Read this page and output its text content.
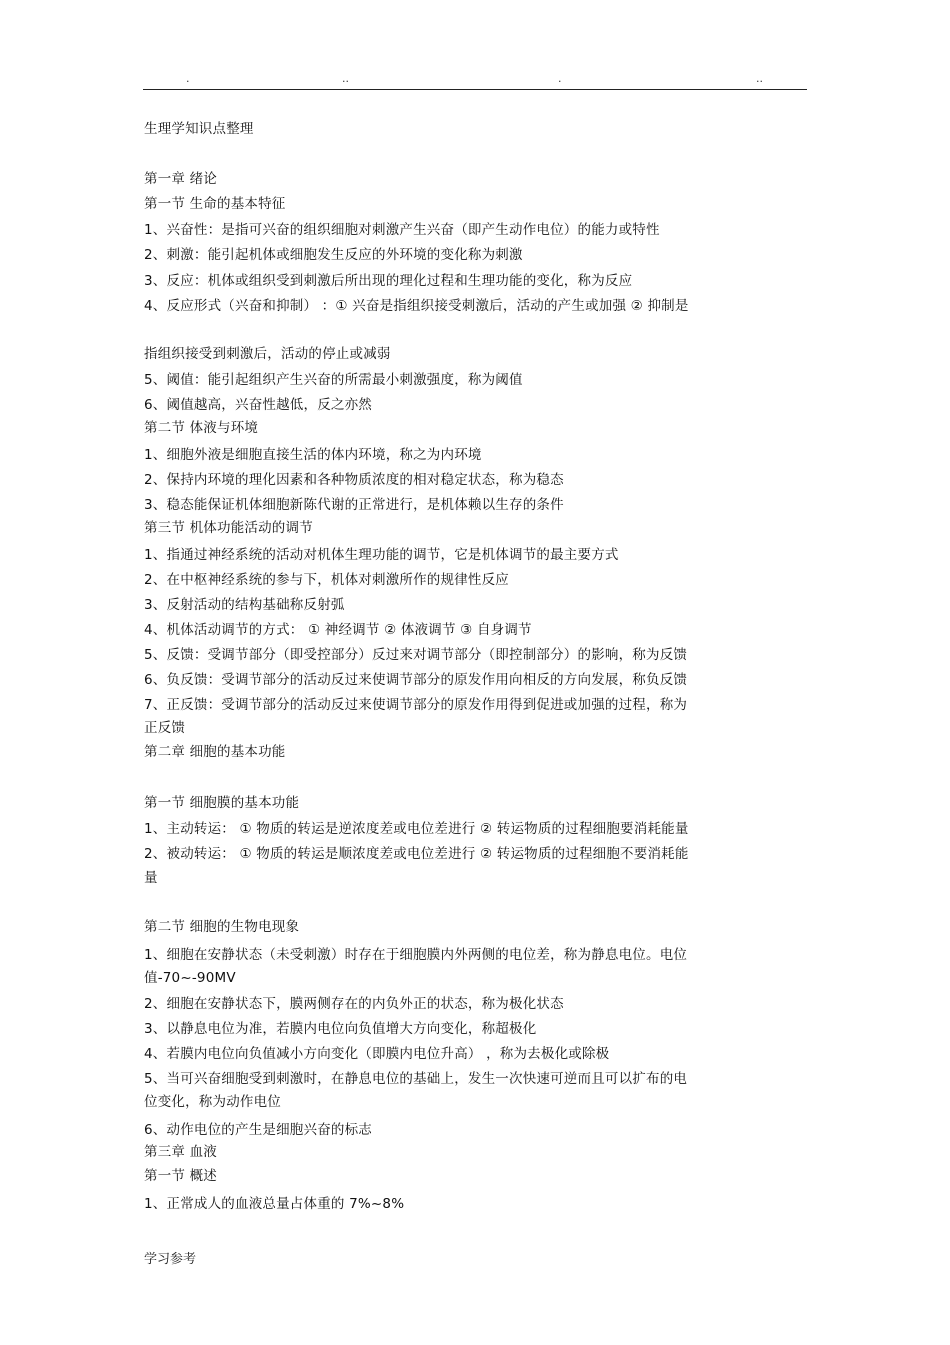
.	..	.	..
生理学知识点整理
第一章 绪论
第一节 生命的基本特征
1、兴奋性：是指可兴奋的组织细胞对刺激产生兴奋（即产生动作电位）的能力或特性
2、刺激：能引起机体或细胞发生反应的外环境的变化称为刺激
3、反应：机体或组织受到刺激后所出现的理化过程和生理功能的变化，称为反应
4、反应形式（兴奋和抑制） ：① 兴奋是指组织接受刺激后，活动的产生或加强 ② 抑制是
指组织接受到刺激后，活动的停止或减弱
5、阈值：能引起组织产生兴奋的所需最小刺激强度，称为阈值
6、阈值越高，兴奋性越低，反之亦然
第二节 体液与环境
1、细胞外液是细胞直接生活的体内环境，称之为内环境
2、保持内环境的理化因素和各种物质浓度的相对稳定状态，称为稳态
3、稳态能保证机体细胞新陈代谢的正常进行，是机体赖以生存的条件
第三节 机体功能活动的调节
1、指通过神经系统的活动对机体生理功能的调节，它是机体调节的最主要方式
2、在中枢神经系统的参与下，机体对刺激所作的规律性反应
3、反射活动的结构基础称反射弧
4、机体活动调节的方式： ① 神经调节 ② 体液调节 ③ 自身调节
5、反馈：受调节部分（即受控部分）反过来对调节部分（即控制部分）的影响，称为反馈
6、负反馈：受调节部分的活动反过来使调节部分的原发作用向相反的方向发展，称负反馈
7、正反馈：受调节部分的活动反过来使调节部分的原发作用得到促进或加强的过程，称为
正反馈
第二章 细胞的基本功能
第一节 细胞膜的基本功能
1、主动转运： ① 物质的转运是逆浓度差或电位差进行 ② 转运物质的过程细胞要消耗能量
2、被动转运： ① 物质的转运是顺浓度差或电位差进行 ② 转运物质的过程细胞不要消耗能
量
第二节 细胞的生物电现象
1、细胞在安静状态（未受刺激）时存在于细胞膜内外两侧的电位差，称为静息电位。电位
值-70~-90MV
2、细胞在安静状态下，膜两侧存在的内负外正的状态，称为极化状态
3、以静息电位为准，若膜内电位向负值增大方向变化，称超极化
4、若膜内电位向负值减小方向变化（即膜内电位升高） ，称为去极化或除极
5、当可兴奋细胞受到刺激时，在静息电位的基础上，发生一次快速可逆而且可以扩布的电
位变化，称为动作电位
6、动作电位的产生是细胞兴奋的标志
第三章 血液
第一节 概述
1、正常成人的血液总量占体重的 7%~8%
学习参考
